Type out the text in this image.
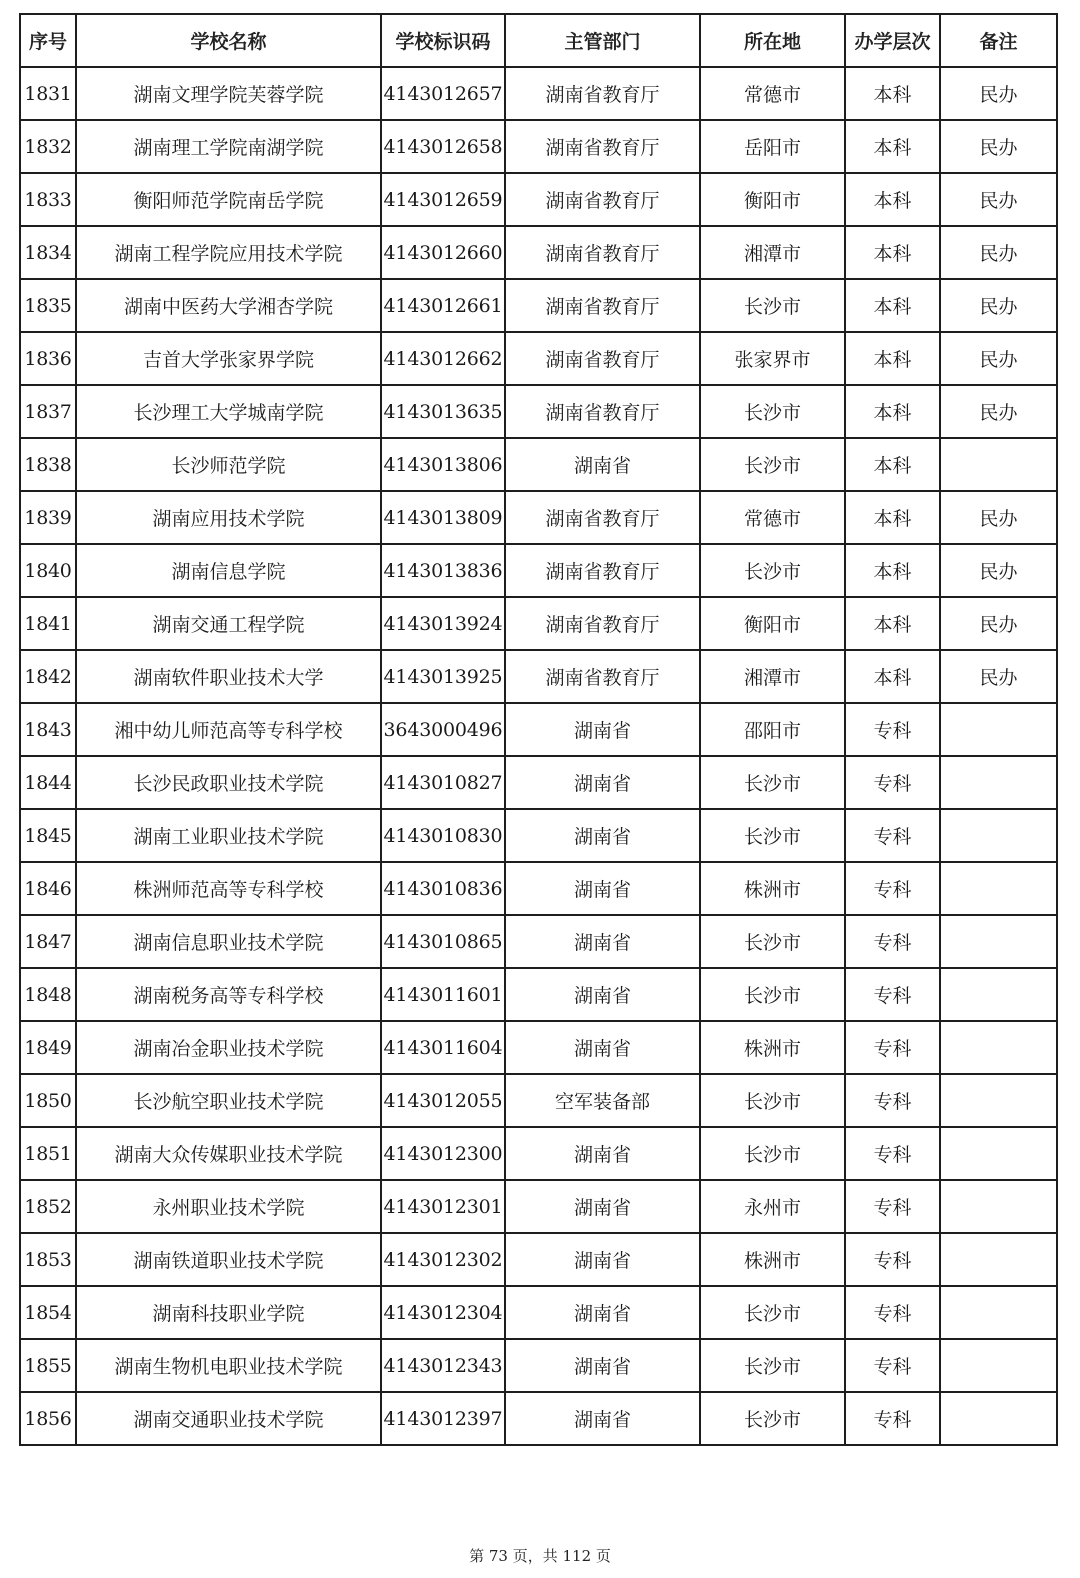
序号	学校名称	学校标识码	主管部门	所在地	办学层次	备注
1831	湖南文理学院芙蓉学院	4143012657	湖南省教育厅	常德市	本科	民办
1832	湖南理工学院南湖学院	4143012658	湖南省教育厅	岳阳市	本科	民办
1833	衡阳师范学院南岳学院	4143012659	湖南省教育厅	衡阳市	本科	民办
1834	湖南工程学院应用技术学院	4143012660	湖南省教育厅	湘潭市	本科	民办
1835	湖南中医药大学湘杏学院	4143012661	湖南省教育厅	长沙市	本科	民办
1836	吉首大学张家界学院	4143012662	湖南省教育厅	张家界市	本科	民办
1837	长沙理工大学城南学院	4143013635	湖南省教育厅	长沙市	本科	民办
1838	长沙师范学院	4143013806	湖南省	长沙市	本科	
1839	湖南应用技术学院	4143013809	湖南省教育厅	常德市	本科	民办
1840	湖南信息学院	4143013836	湖南省教育厅	长沙市	本科	民办
1841	湖南交通工程学院	4143013924	湖南省教育厅	衡阳市	本科	民办
1842	湖南软件职业技术大学	4143013925	湖南省教育厅	湘潭市	本科	民办
1843	湘中幼儿师范高等专科学校	3643000496	湖南省	邵阳市	专科	
1844	长沙民政职业技术学院	4143010827	湖南省	长沙市	专科	
1845	湖南工业职业技术学院	4143010830	湖南省	长沙市	专科	
1846	株洲师范高等专科学校	4143010836	湖南省	株洲市	专科	
1847	湖南信息职业技术学院	4143010865	湖南省	长沙市	专科	
1848	湖南税务高等专科学校	4143011601	湖南省	长沙市	专科	
1849	湖南冶金职业技术学院	4143011604	湖南省	株洲市	专科	
1850	长沙航空职业技术学院	4143012055	空军装备部	长沙市	专科	
1851	湖南大众传媒职业技术学院	4143012300	湖南省	长沙市	专科	
1852	永州职业技术学院	4143012301	湖南省	永州市	专科	
1853	湖南铁道职业技术学院	4143012302	湖南省	株洲市	专科	
1854	湖南科技职业学院	4143012304	湖南省	长沙市	专科	
1855	湖南生物机电职业技术学院	4143012343	湖南省	长沙市	专科	
1856	湖南交通职业技术学院	4143012397	湖南省	长沙市	专科	
第 73 页，共 112 页
